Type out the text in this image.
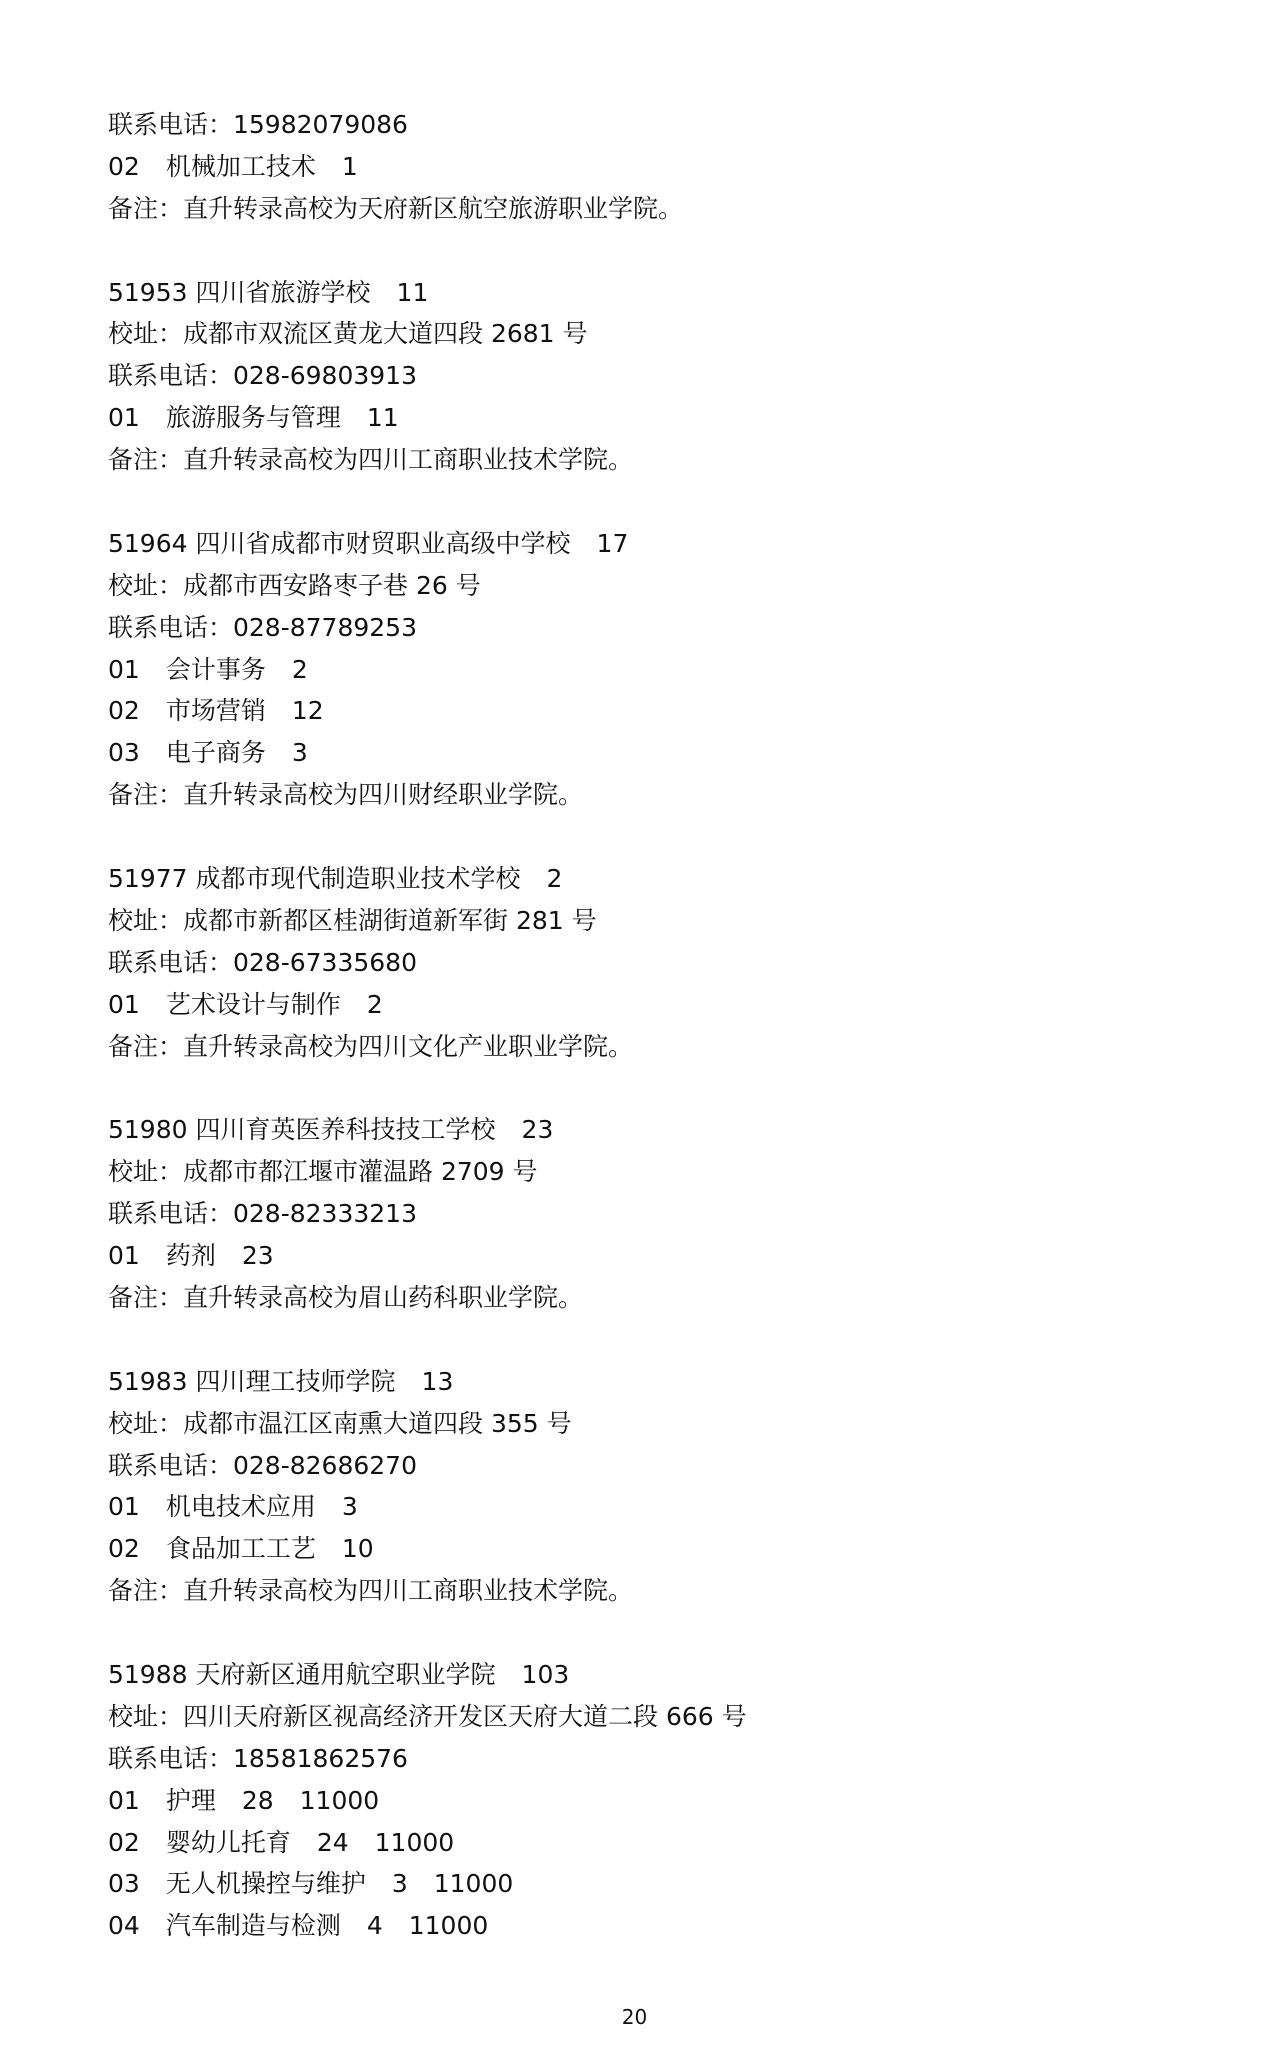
联系电话：15982079086
02 机械加工技术 1
备注：直升转录高校为天府新区航空旅游职业学院。
51953 四川省旅游学校 11
校址：成都市双流区黄龙大道四段 2681 号
联系电话：028-69803913
01 旅游服务与管理 11
备注：直升转录高校为四川工商职业技术学院。
51964 四川省成都市财贸职业高级中学校 17
校址：成都市西安路枣子巷 26 号
联系电话：028-87789253
01 会计事务 2
02 市场营销 12
03 电子商务 3
备注：直升转录高校为四川财经职业学院。
51977 成都市现代制造职业技术学校 2
校址：成都市新都区桂湖街道新军街 281 号
联系电话：028-67335680
01 艺术设计与制作 2
备注：直升转录高校为四川文化产业职业学院。
51980 四川育英医养科技技工学校 23
校址：成都市都江堰市灌温路 2709 号
联系电话：028-82333213
01 药剂 23
备注：直升转录高校为眉山药科职业学院。
51983 四川理工技师学院 13
校址：成都市温江区南熏大道四段 355 号
联系电话：028-82686270
01 机电技术应用 3
02 食品加工工艺 10
备注：直升转录高校为四川工商职业技术学院。
51988 天府新区通用航空职业学院 103
校址：四川天府新区视高经济开发区天府大道二段 666 号
联系电话：18581862576
01 护理 28 11000
02 婴幼儿托育 24 11000
03 无人机操控与维护 3 11000
04 汽车制造与检测 4 11000
20
